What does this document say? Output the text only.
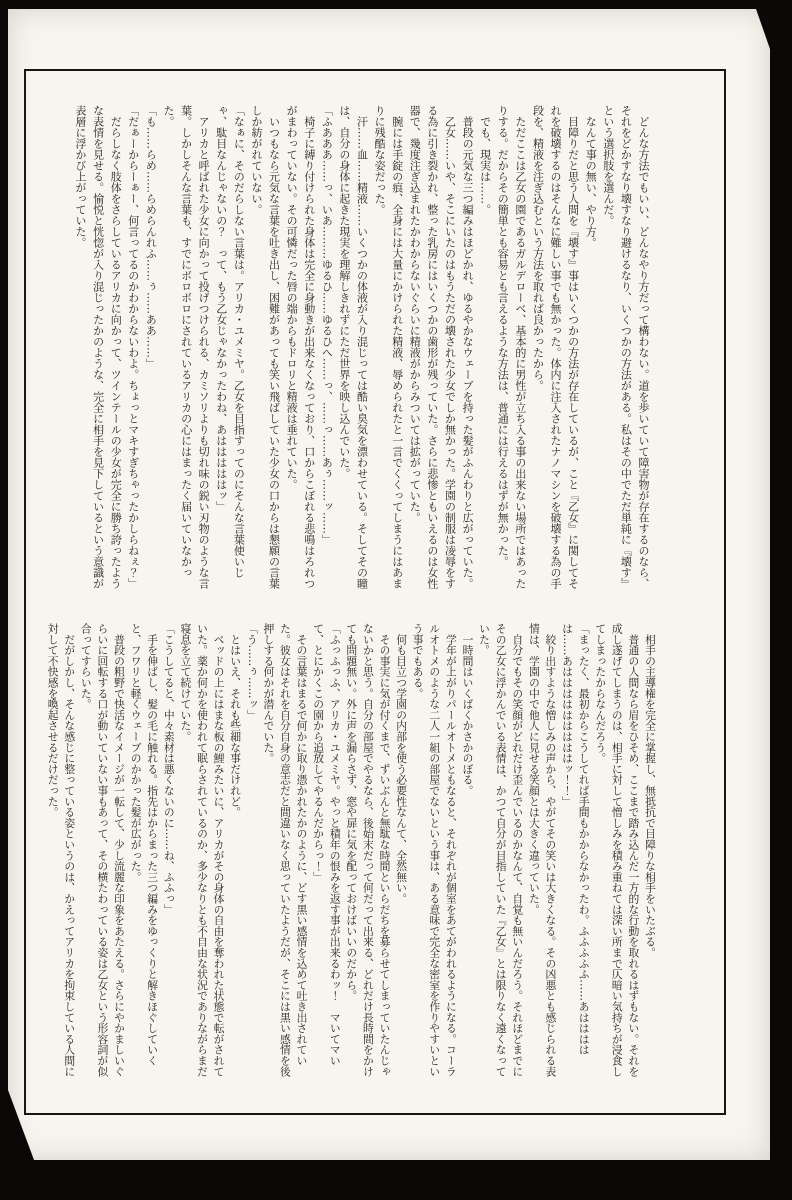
　どんな方法でもいい、どんなやり方だって構わない。道を歩いていて障害物が存在するのなら、それをどかすなり壊すなり避けるなり、いくつかの方法がある。私はその中でただ単純に『壊す』という選択肢を選んだ。

　なんて事の無い、やり方。

　目障りだと思う人間を『壊す』事はいくつかの方法が存在しているが、こと『乙女』に関してそれを破壊するのはそんなに難しい事でも無かった。体内に注入されたナノマシンを破壊する為の手段を、精液を注ぎ込むという方法を取れば良かったから。

　ただここは乙女の園であるガルデローベ、基本的に男性が立ち入る事の出来ない場所ではあったりする。だからその簡単とも容易とも言えるような方法は、普通には行えるはずが無かった。

　でも、現実は……。

　普段の元気な三つ編みはほどかれ、ゆるやかなウェーブを持った髪がふんわりと広がっていた。

　乙女……いや、そこにいたのはもうただの壊された少女でしか無かった。学園の制服は凌辱をする為に引き裂かれ、整った乳房にはいくつかの歯形が残っていた。さらに悲惨ともいえるのは女性器で、幾度注ぎ込まれたかわからないぐらいに精液がからみついては拡がっていた。

　腕には手錠の痕、全身には大量にかけられた精液、辱められたと一言でくくってしまうにはあまりに残酷な姿だった。

　汗……血……精液……いくつかの体液が入り混じっては酷い臭気を漂わせている。そしてその瞳は、自分の身体に起きた現実を理解しきれずにただ世界を映し込んでいた。

「ふあああ……っ、いあ………ゆるひ……ゆるひへ……っ、……っ……あぅ……ッ……」

　椅子に縛り付けられた身体は完全に身動きが出来なくなっており、口からこぼれる悲鳴はろれつがまわっていない。その可憐だった唇の端からもドロリと精液は垂れていた。

　いつもなら元気な言葉を吐き出し、困難があっても笑い飛ばしていた少女の口からは懇願の言葉しか紡がれていない。

「なぁに、そのだらしない言葉は。アリカ・ユメミヤ。乙女を目指すってのにそんな言葉使いじゃ、駄目なんじゃないの？　って、もう乙女じゃなかったわね、あはははははッ」

　アリカと呼ばれた少女に向かって投げつけられる、カミソリよりも切れ味の鋭い刃物のような言葉。しかしそんな言葉も、すでにボロボロにされているアリカの心にはまったく届いていなかった。

「も……らめ……らめらんれふ……ぅ……ああ……」

「だぁーからーぁー、何言ってるのかわからないわよ。ちょっとマキすぎちゃったかしらねぇ？」

　だらしなく肢体をさらしているアリカに向かって、ツインテールの少女が完全に勝ち誇ったような表情を見せる。愉悦と恍惚が入り混じったかのような、完全に相手を見下しているという意識が表層に浮かび上がっていた。

　相手の主導権を完全に掌握し、無抵抗で目障りな相手をいたぶる。

　普通の人間なら眉をひそめ、ここまで踏み込んだ一方的な行動を取れるはずもない。それを成し遂げてしまうのは、相手に対して憎しみを積み重ねては深い所まで仄暗い気持ちが浸食してしまったからなんだろう。

「まったく、最初からこうしてれば手間もかからなかったわ。ふふふふふ……あははははは……あはははははははははッ！！」

　絞り出すような憎しみの声から、やがてその笑いは大きくなる。その凶悪とも感じられる表情は、学園の中で他人に見せる笑顔とは大きく違っていた。

　自分でもその笑顔がどれだけ歪んでいるのかなんて、自覚も無いんだろう。それほどまでにその乙女に浮かんでいる表情は、かつて自分が目指していた『乙女』とは限りなく遠くなっていた。

　一時間はいくばくかさかのぼる。

　学年が上がりパールオトメともなると、それぞれが個室をあてがわれるようになる。コーラルオトメのような二人一組の部屋でないという事は、ある意味で完全な密室を作りやすいという事でもある。

　何も目立つ学園の内部を使う必要性なんて、全然無い。

　その事実に気が付くまで、ずいぶんと無駄な時間といらだちを募らせてしまっていたんじゃないかと思う。自分の部屋でやるなら、後始末だって何だって出来る、どれだけ長時間をかけても問題無い。外に声を漏らさず、窓や扉に気を配っておけばいいのだから。

「ふっふっふ、アリカ・ユメミヤ。やっと積年の恨みを返す事が出来るわッ！　マいてマいて、とにかくこの園から追放してやるんだからっ！」

　その言葉はまるで何かに取り憑かれたかのように、どす黒い感情を込めて吐き出されていた。彼女はそれを自分自身の意志だと間違いなく思っていたようだが、そこには黒い感情を後押しする何かが潜んでいた。

「う……ぅ……ッ」

　とはいえ、それも些細な事だけれど。

　ベッドの上にはまな板の鯉みたいに、アリカがその身体の自由を奪われた状態で転がされていた。薬か何かを使われて眠らされているのか、多少なりとも不自由な状況でありながらまだ寝息を立て続けていた。

「こうしてると、中々素材は悪くないのに……ね、ふふっ」

　手を伸ばし、髪の毛に触れる。指先はからまった三つ編みをゆっくりと解きほぐしていくと、フワリと軽くウェーブのかかった髪が広がった。

　普段の粗野で快活なイメージが一転して、少し流麗な印象をあたえる。さらにやかましいぐらいに回転する口が動いていない事もあって、その横たわっている姿は乙女という形容詞が似合ってすらいた。

　だがしかし、そんな感じに整っている姿というのは、かえってアリカを拘束している人間に対して不快感を喚起させるだけだった。
